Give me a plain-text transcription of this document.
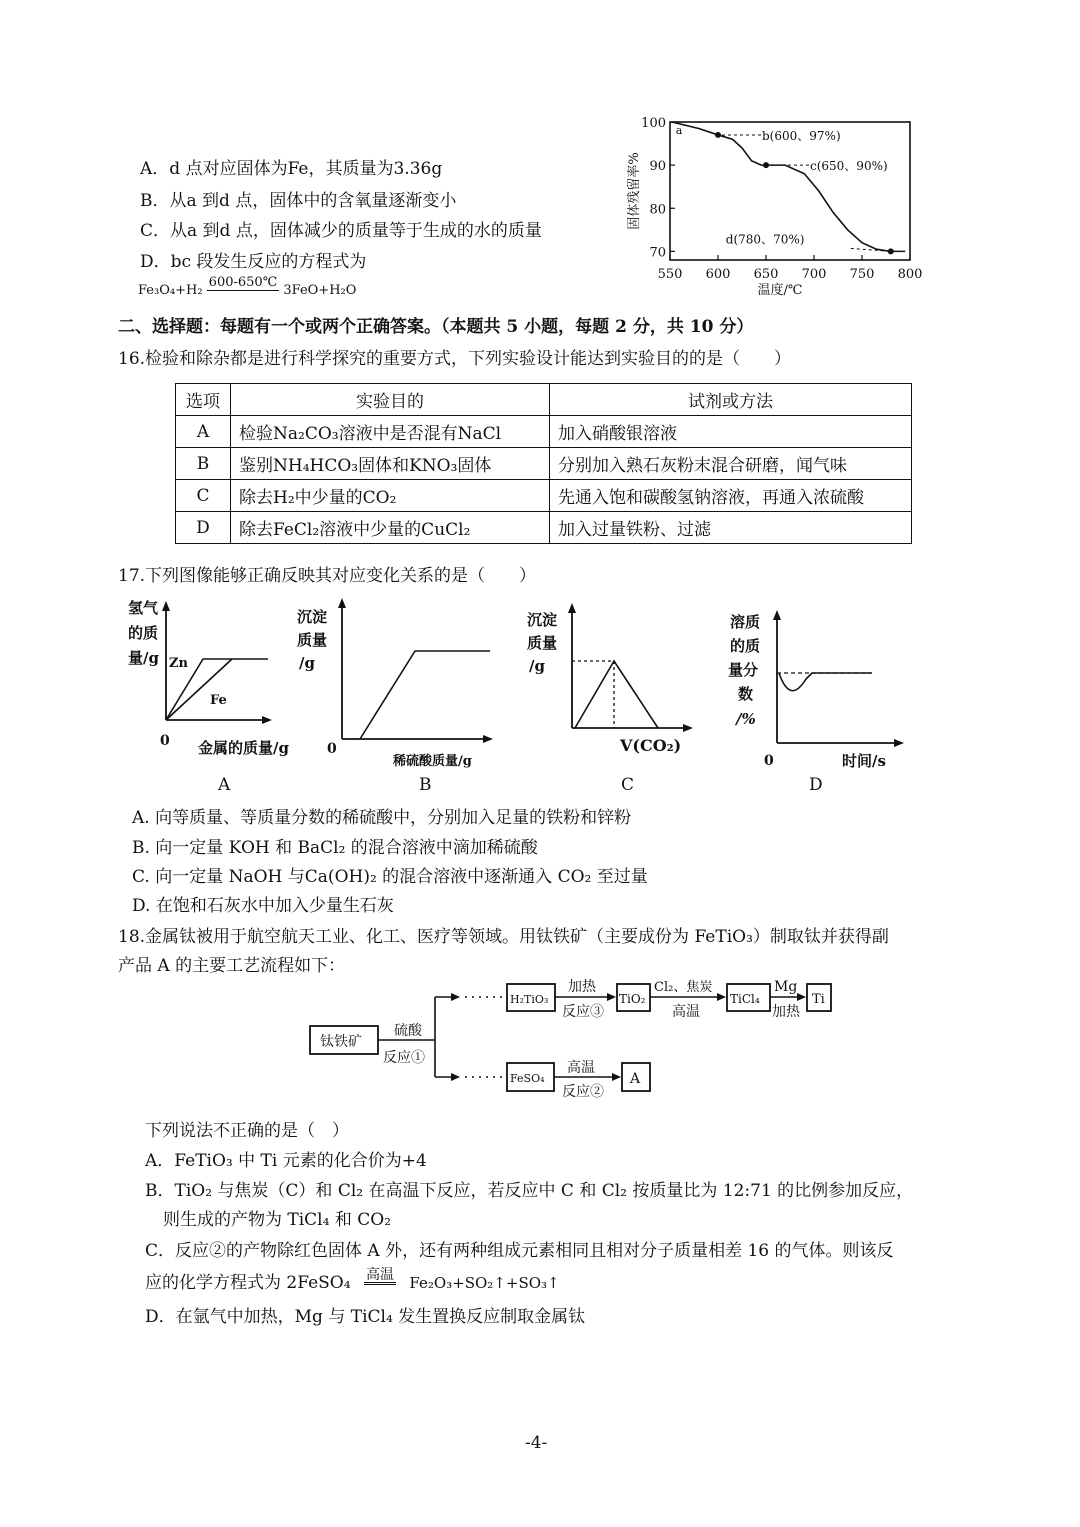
A．d 点对应固体为Fe，其质量为3.36g
B．从a 到d 点，固体中的含氧量逐渐变小
C．从a 到d 点，固体减少的质量等于生成的水的质量
D．bc 段发生反应的方程式为
Fe₃O₄+H₂
600-650℃

3FeO+H₂O
70
80
90
100
550 600 650 700 750 800
固体残留率%
温度/℃
a	b(600、97%)
c(650、90%)
d(780、70%)
二、选择题：每题有一个或两个正确答案。（本题共 5 小题，每题 2 分，共 10 分）
16.检验和除杂都是进行科学探究的重要方式，下列实验设计能达到实验目的的是（　　）
选项	实验目的	试剂或方法
A	检验Na₂CO₃溶液中是否混有NaCl	加入硝酸银溶液
B	鉴别NH₄HCO₃固体和KNO₃固体	分别加入熟石灰粉末混合研磨，闻气味
C	除去H₂中少量的CO₂	先通入饱和碳酸氢钠溶液，再通入浓硫酸
D	除去FeCl₂溶液中少量的CuCl₂	加入过量铁粉、过滤
17.下列图像能够正确反映其对应变化关系的是（　　）
氢气
的质
量/g Zn
Fe
0 金属的质量/g
A
沉淀
质量
/g
0
稀硫酸质量/g
B
沉淀
质量
/g
V(CO₂)
C
溶质
的质
量分
数
/%
0	时间/s
D
A. 向等质量、等质量分数的稀硫酸中，分别加入足量的铁粉和锌粉
B. 向一定量 KOH 和 BaCl₂ 的混合溶液中滴加稀硫酸
C. 向一定量 NaOH 与Ca(OH)₂ 的混合溶液中逐渐通入 CO₂ 至过量
D. 在饱和石灰水中加入少量生石灰
18.金属钛被用于航空航天工业、化工、医疗等领域。用钛铁矿（主要成份为 FeTiO₃）制取钛并获得副
产品 A 的主要工艺流程如下：
钛铁矿
硫酸
反应①
H₂TiO₃
加热
反应③
TiO₂
Cl₂、焦炭
高温
TiCl₄
Mg
加热
Ti
FeSO₄
高温
反应②
A
下列说法不正确的是（　）
A．FeTiO₃ 中 Ti 元素的化合价为+4
B．TiO₂ 与焦炭（C）和 Cl₂ 在高温下反应，若反应中 C 和 Cl₂ 按质量比为 12:71 的比例参加反应，
则生成的产物为 TiCl₄ 和 CO₂
C．反应②的产物除红色固体 A 外，还有两种组成元素相同且相对分子质量相差 16 的气体。则该反
应的化学方程式为 2FeSO₄ 高温
Fe₂O₃+SO₂↑+SO₃↑
D．在氩气中加热，Mg 与 TiCl₄ 发生置换反应制取金属钛
-4-
